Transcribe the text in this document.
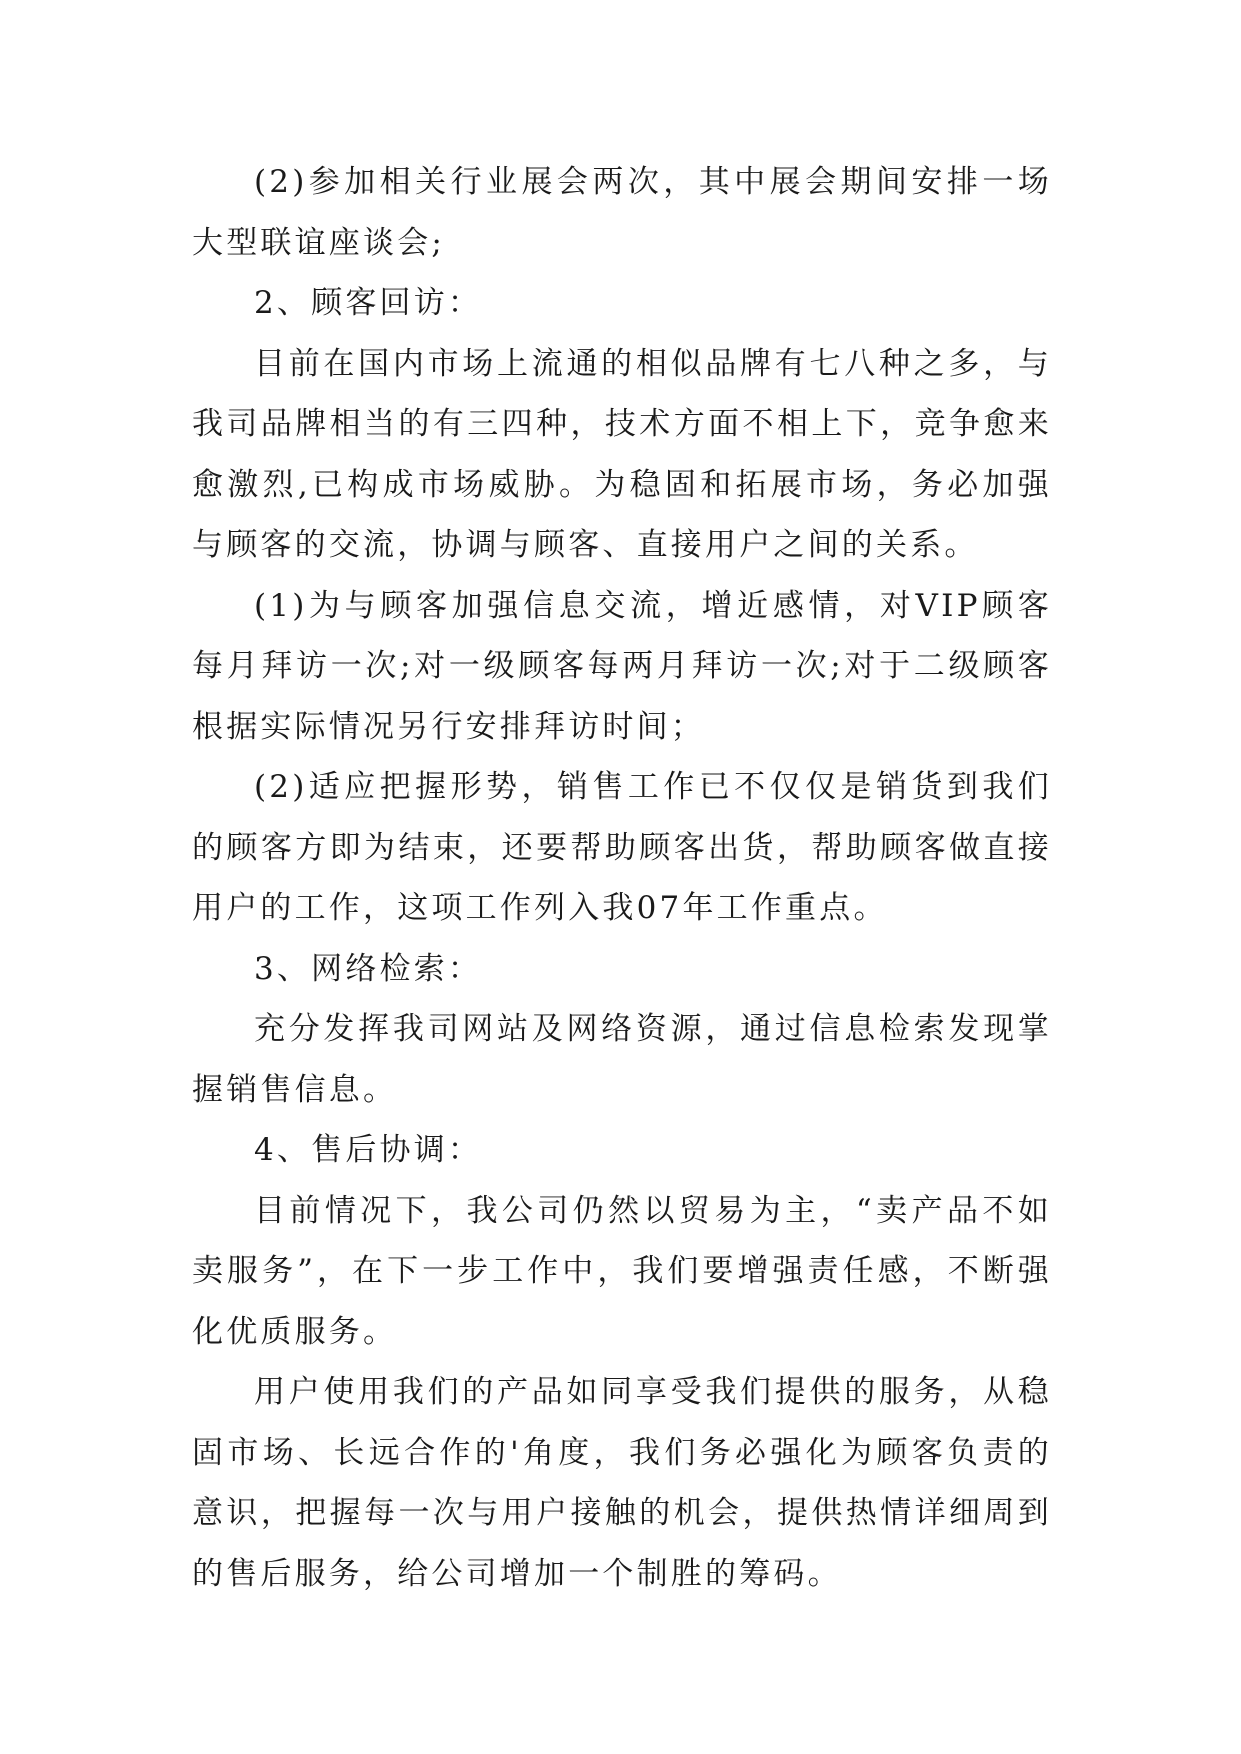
(2)参加相关行业展会两次，其中展会期间安排一场大型联谊座谈会;

2、顾客回访：

目前在国内市场上流通的相似品牌有七八种之多，与我司品牌相当的有三四种，技术方面不相上下，竞争愈来愈激烈,已构成市场威胁。为稳固和拓展市场，务必加强与顾客的交流，协调与顾客、直接用户之间的关系。

(1)为与顾客加强信息交流，增近感情，对VIP顾客每月拜访一次;对一级顾客每两月拜访一次;对于二级顾客根据实际情况另行安排拜访时间；

(2)适应把握形势，销售工作已不仅仅是销货到我们的顾客方即为结束，还要帮助顾客出货，帮助顾客做直接用户的工作，这项工作列入我07年工作重点。

3、网络检索：

充分发挥我司网站及网络资源，通过信息检索发现掌握销售信息。

4、售后协调：

目前情况下，我公司仍然以贸易为主，“卖产品不如卖服务”，在下一步工作中，我们要增强责任感，不断强化优质服务。

用户使用我们的产品如同享受我们提供的服务，从稳固市场、长远合作的'角度，我们务必强化为顾客负责的意识，把握每一次与用户接触的机会，提供热情详细周到的售后服务，给公司增加一个制胜的筹码。
